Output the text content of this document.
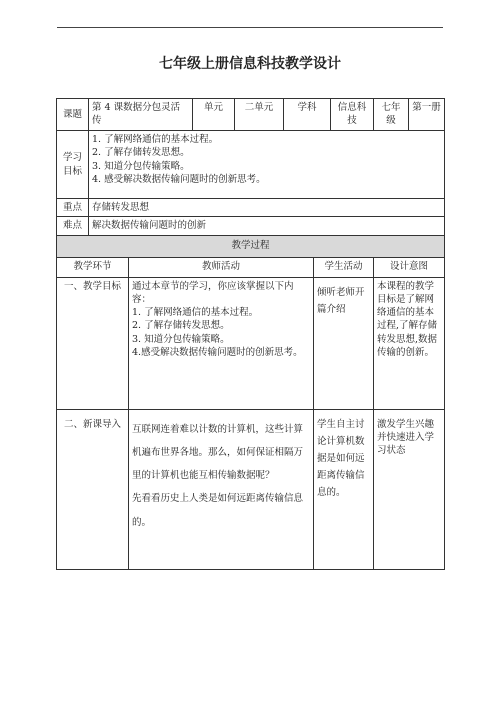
七年级上册信息科技教学设计
课题	第 4 课数据分包灵活传		单元	二单元	学科		信息科技	七年级	第一册
学习目标	1. 了解网络通信的基本过程。
2. 了解存储转发思想。
3. 知道分包传输策略。
4. 感受解决数据传输问题时的创新思考。								

重点	存储转发思想								
难点	解决数据传输问题时的创新								
教学过程									
教学环节		教师活动				学生活动		设计意图	
一、教学目标		通过本章节的学习，你应该掌握以下内容：
1. 了解网络通信的基本过程。
2. 了解存储转发思想。
3. 知道分包传输策略。
4.感受解决数据传输问题时的创新思考。				倾听老师开篇介绍		本课程的教学目标是了解网络通信的基本过程,了解存储转发思想,数据传输的创新。	
二、新课导入		互联网连着难以计数的计算机，这些计算机遍布世界各地。那么，如何保证相隔万里的计算机也能互相传输数据呢？
先看看历史上人类是如何远距离传输信息的。				学生自主讨论计算机数据是如何远距离传输信息的。		激发学生兴趣并快速进入学习状态	
